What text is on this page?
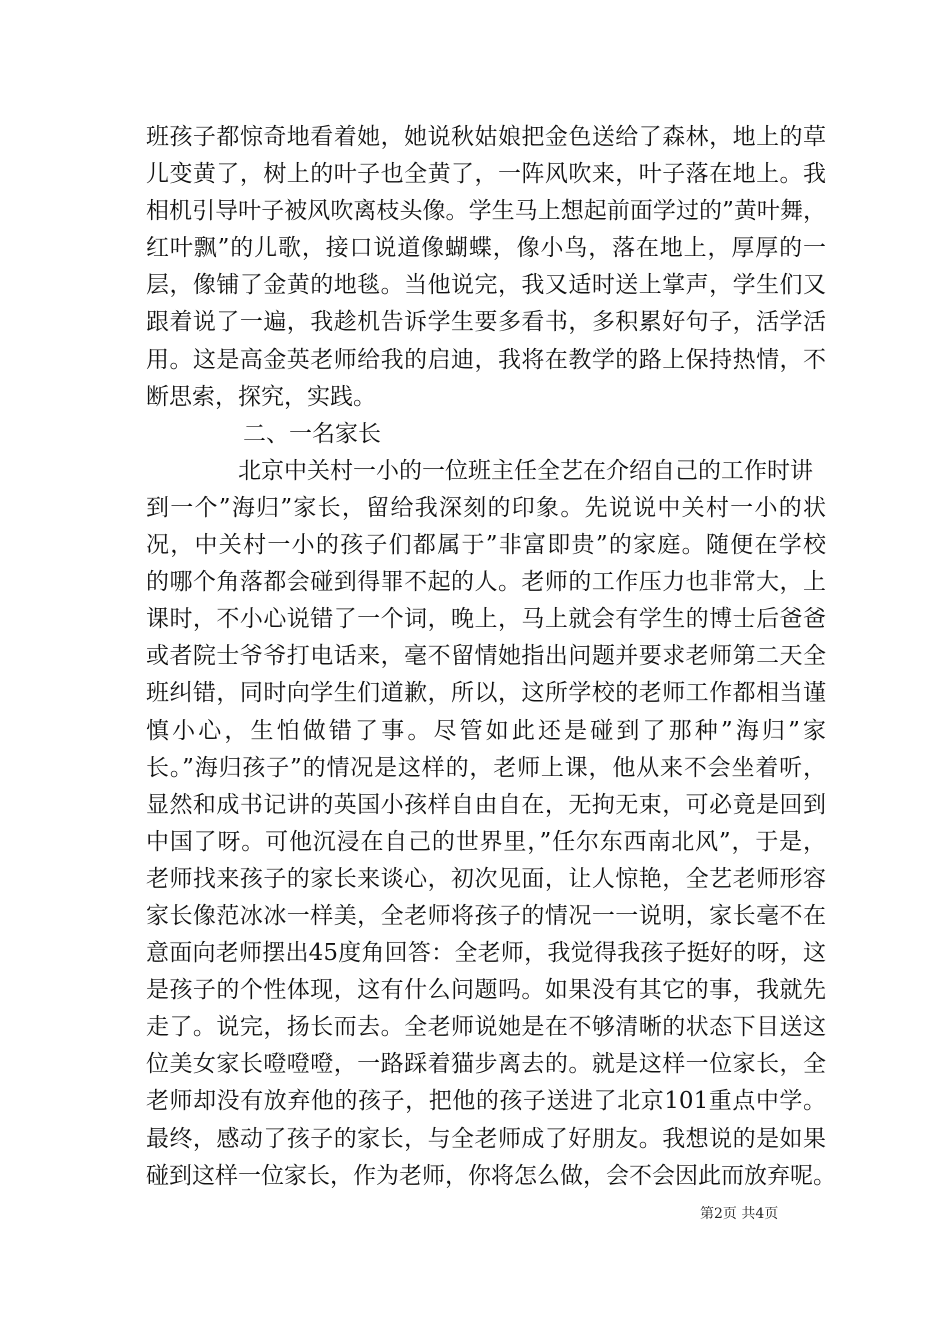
班孩子都惊奇地看着她，她说秋姑娘把金色送给了森林，地上的草
儿变黄了，树上的叶子也全黄了，一阵风吹来，叶子落在地上。我
相机引导叶子被风吹离枝头像。学生马上想起前面学过的”黄叶舞，
红叶飘”的儿歌，接口说道像蝴蝶，像小鸟，落在地上，厚厚的一
层，像铺了金黄的地毯。当他说完，我又适时送上掌声，学生们又
跟着说了一遍，我趁机告诉学生要多看书，多积累好句子，活学活
用。这是高金英老师给我的启迪，我将在教学的路上保持热情，不
断思索，探究，实践。
二、一名家长
北京中关村一小的一位班主任全艺在介绍自己的工作时讲
到一个”海归”家长，留给我深刻的印象。先说说中关村一小的状
况，中关村一小的孩子们都属于”非富即贵”的家庭。随便在学校
的哪个角落都会碰到得罪不起的人。老师的工作压力也非常大，上
课时，不小心说错了一个词，晚上，马上就会有学生的博士后爸爸
或者院士爷爷打电话来，毫不留情她指出问题并要求老师第二天全
班纠错，同时向学生们道歉，所以，这所学校的老师工作都相当谨
慎小心，生怕做错了事。尽管如此还是碰到了那种”海归”家
长。”海归孩子”的情况是这样的，老师上课，他从来不会坐着听，
显然和成书记讲的英国小孩样自由自在，无拘无束，可必竟是回到
中国了呀。可他沉浸在自己的世界里，”任尔东西南北风”，于是，
老师找来孩子的家长来谈心，初次见面，让人惊艳，全艺老师形容
家长像范冰冰一样美，全老师将孩子的情况一一说明，家长毫不在
意面向老师摆出45度角回答：全老师，我觉得我孩子挺好的呀，这
是孩子的个性体现，这有什么问题吗。如果没有其它的事，我就先
走了。说完，扬长而去。全老师说她是在不够清晰的状态下目送这
位美女家长噔噔噔，一路踩着猫步离去的。就是这样一位家长，全
老师却没有放弃他的孩子，把他的孩子送进了北京101重点中学。
最终，感动了孩子的家长，与全老师成了好朋友。我想说的是如果
碰到这样一位家长，作为老师，你将怎么做，会不会因此而放弃呢。
第2页 共4页
